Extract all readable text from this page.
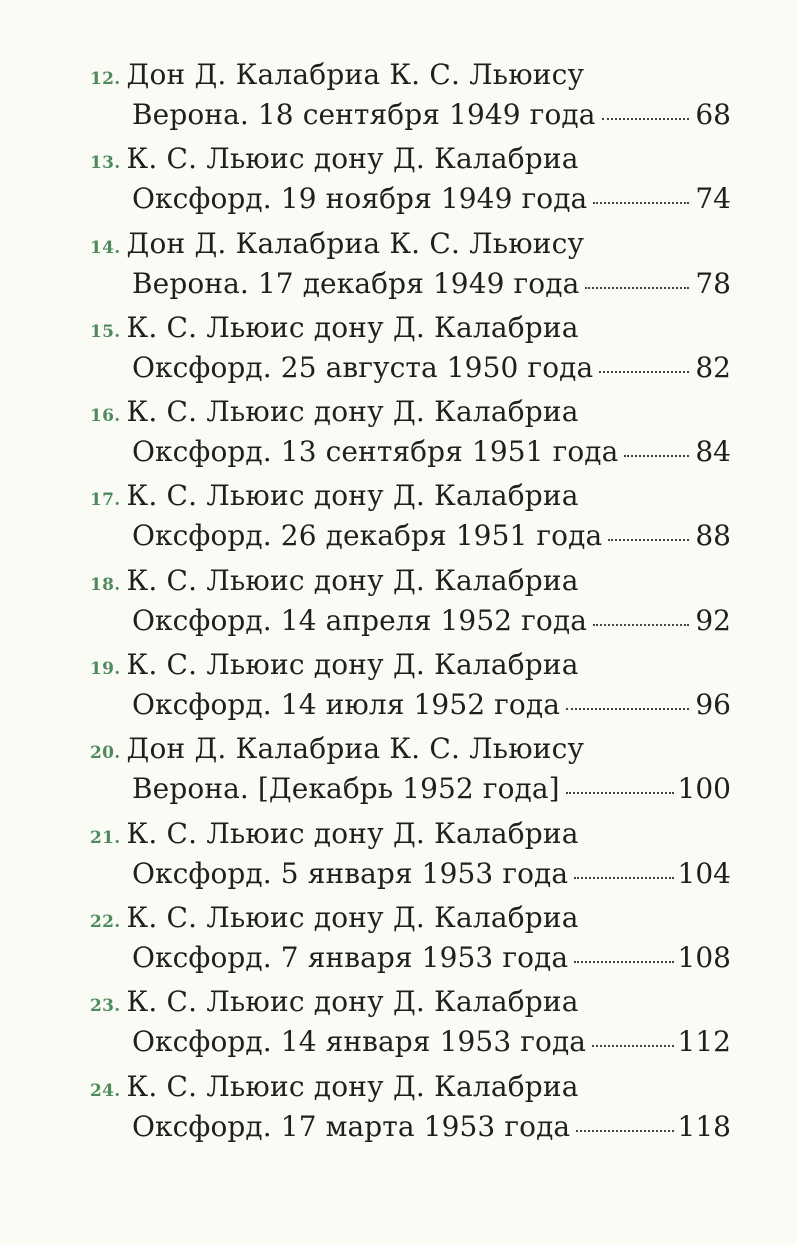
12. Дон Д. Калабриа К. С. Льюису
Верона. 18 сентября 1949 года	68
13. К. С. Льюис дону Д. Калабриа
Оксфорд. 19 ноября 1949 года	74
14. Дон Д. Калабриа К. С. Льюису
Верона. 17 декабря 1949 года	78
15. К. С. Льюис дону Д. Калабриа
Оксфорд. 25 августа 1950 года	82
16. К. С. Льюис дону Д. Калабриа
Оксфорд. 13 сентября 1951 года	84
17. К. С. Льюис дону Д. Калабриа
Оксфорд. 26 декабря 1951 года	88
18. К. С. Льюис дону Д. Калабриа
Оксфорд. 14 апреля 1952 года	92
19. К. С. Льюис дону Д. Калабриа
Оксфорд. 14 июля 1952 года	96
20. Дон Д. Калабриа К. С. Льюису
Верона. [Декабрь 1952 года]	100
21. К. С. Льюис дону Д. Калабриа
Оксфорд. 5 января 1953 года	104
22. К. С. Льюис дону Д. Калабриа
Оксфорд. 7 января 1953 года	108
23. К. С. Льюис дону Д. Калабриа
Оксфорд. 14 января 1953 года	112
24. К. С. Льюис дону Д. Калабриа
Оксфорд. 17 марта 1953 года	118
